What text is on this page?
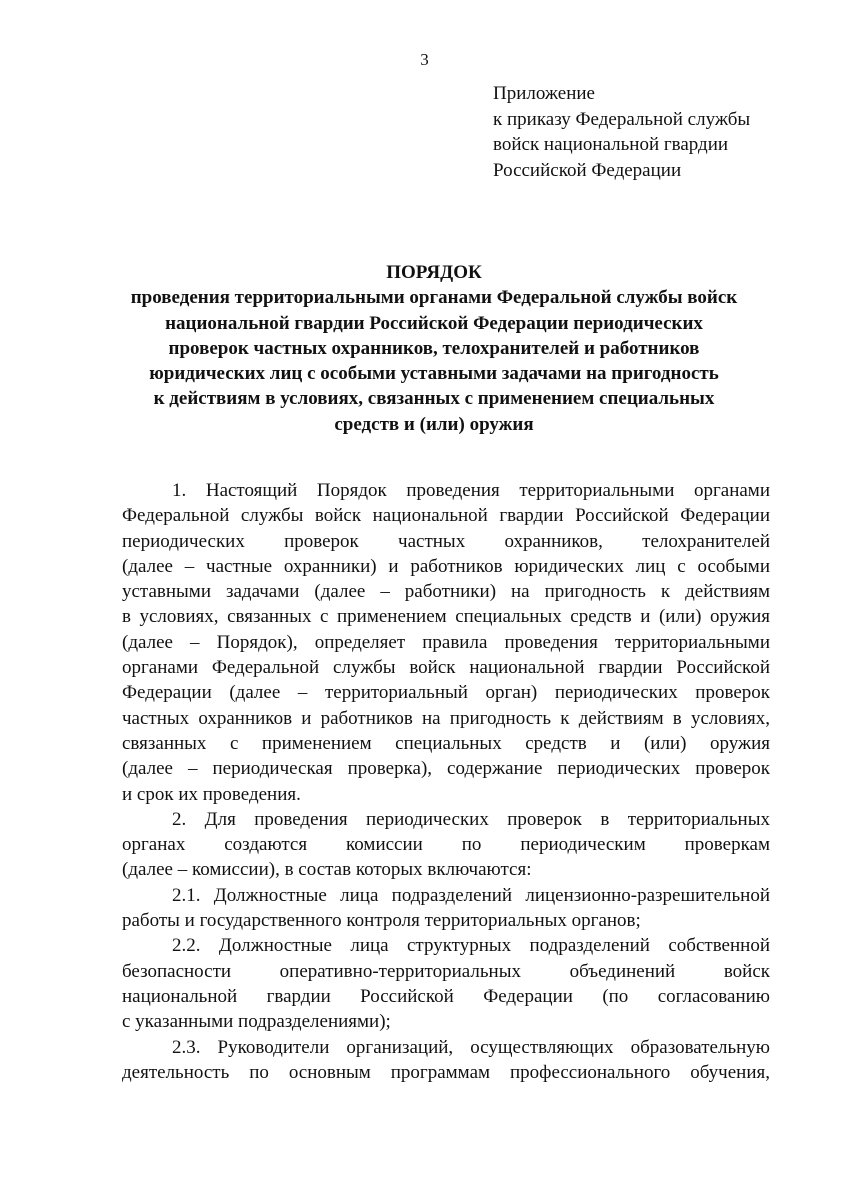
3
Приложение
к приказу Федеральной службы
войск национальной гвардии
Российской Федерации
ПОРЯДОК
проведения территориальными органами Федеральной службы войск
национальной гвардии Российской Федерации периодических
проверок частных охранников, телохранителей и работников
юридических лиц с особыми уставными задачами на пригодность
к действиям в условиях, связанных с применением специальных
средств и (или) оружия
1. Настоящий Порядок проведения территориальными органами
Федеральной службы войск национальной гвардии Российской Федерации
периодических проверок частных охранников, телохранителей
(далее – частные охранники) и работников юридических лиц с особыми
уставными задачами (далее – работники) на пригодность к действиям
в условиях, связанных с применением специальных средств и (или) оружия
(далее – Порядок), определяет правила проведения территориальными
органами Федеральной службы войск национальной гвардии Российской
Федерации (далее – территориальный орган) периодических проверок
частных охранников и работников на пригодность к действиям в условиях,
связанных с применением специальных средств и (или) оружия
(далее – периодическая проверка), содержание периодических проверок
и срок их проведения.
2. Для проведения периодических проверок в территориальных
органах создаются комиссии по периодическим проверкам
(далее – комиссии), в состав которых включаются:
2.1. Должностные лица подразделений лицензионно-разрешительной
работы и государственного контроля территориальных органов;
2.2. Должностные лица структурных подразделений собственной
безопасности оперативно-территориальных объединений войск
национальной гвардии Российской Федерации (по согласованию
с указанными подразделениями);
2.3. Руководители организаций, осуществляющих образовательную
деятельность по основным программам профессионального обучения,
